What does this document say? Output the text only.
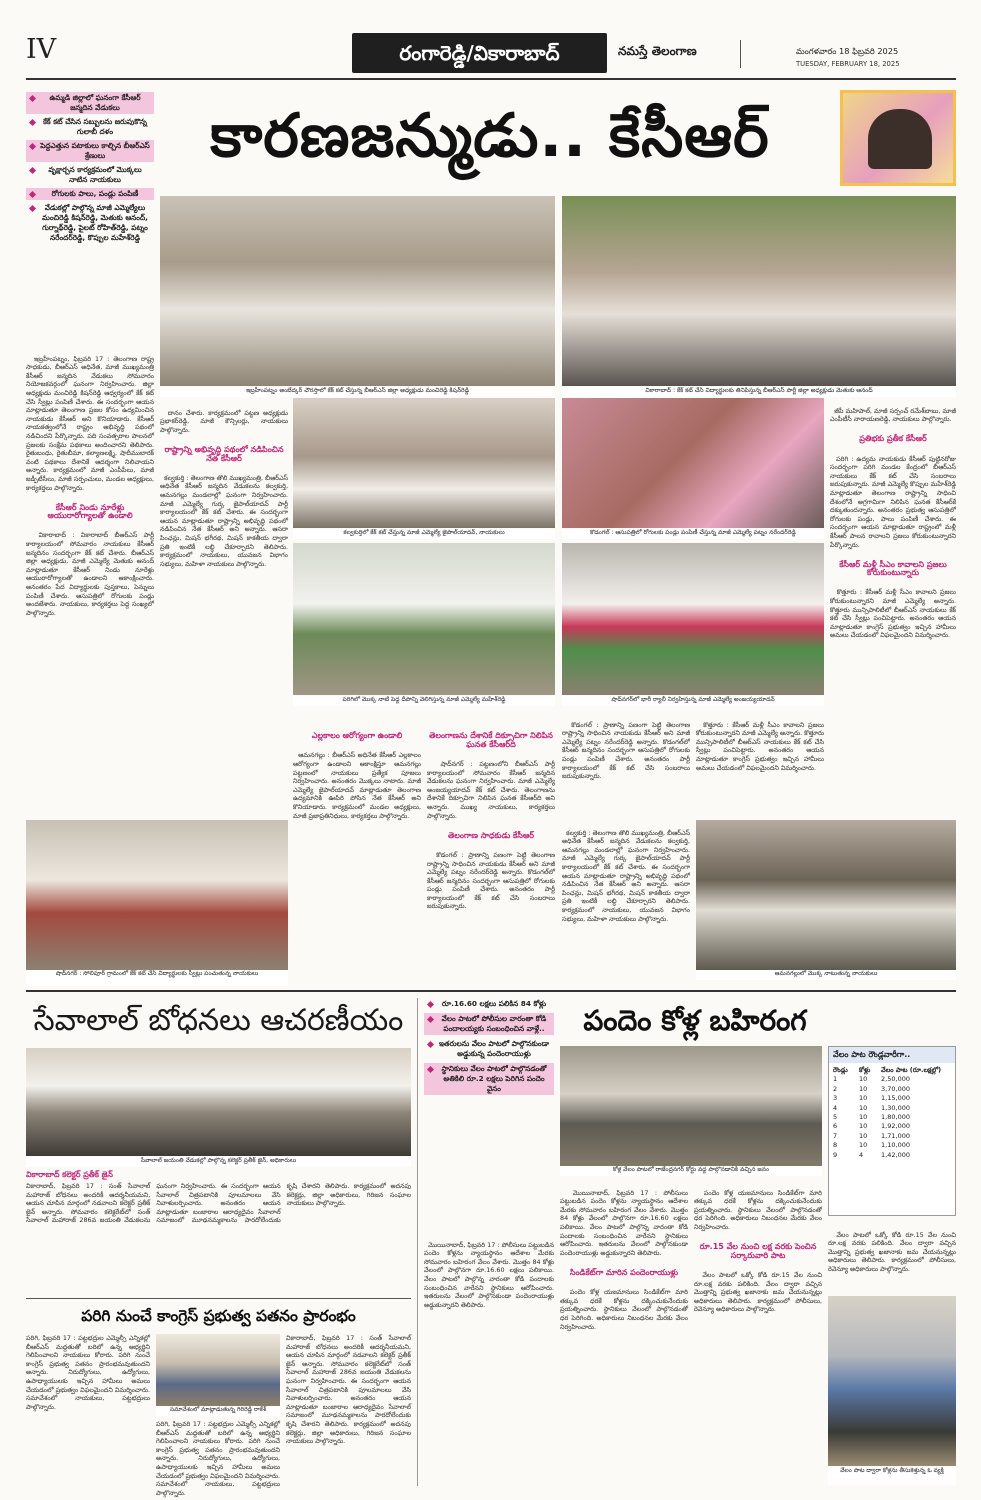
IV	రంగారెడ్డి/వికారాబాద్	నమస్తే తెలంగాణ	మంగళవారం 18 ఫిబ్రవరి 2025
TUESDAY, FEBRUARY 18, 2025
కారణజన్ముడు.. కేసీఆర్
ఉమ్మడి జిల్లాలో ఘనంగా కేసీఆర్ జన్మదిన వేడుకలు
కేక్ కట్ చేసిన సబ్బులను జరుపుకొన్న గులాబీ దళం
పెద్దఎత్తున పటాకులు కాల్చిన బీఆర్ఎస్ శ్రేణులు
వృక్షార్చన కార్యక్రమంలో మొక్కలు నాటిన నాయకులు
రోగులకు పాలు, పండ్లు పంపిణీ
వేడుకల్లో పాల్గొన్న మాజీ ఎమ్మెల్యేలు మంచిరెడ్డి కిషన్‌రెడ్డి, మెతుకు ఆనంద్, గుర్నాథ్‌రెడ్డి, పైలట్ రోహిత్‌రెడ్డి, పట్నం నరేందర్‌రెడ్డి, కొప్పుల మహేశ్‌రెడ్డి

ఇబ్రహీంపట్నం, ఫిబ్రవరి 17 : తెలంగాణ రాష్ట్ర సాధకుడు, బీఆర్ఎస్ అధినేత, మాజీ ముఖ్యమంత్రి కేసీఆర్ జన్మదిన వేడుకలు సోమవారం నియోజకవర్గంలో ఘనంగా నిర్వహించారు. జిల్లా అధ్యక్షుడు మంచిరెడ్డి కిషన్‌రెడ్డి ఆధ్వర్యంలో కేక్ కట్ చేసి స్వీట్లు పంపిణీ చేశారు. ఈ సందర్భంగా ఆయన మాట్లాడుతూ తెలంగాణ ప్రజల కోసం ఉద్యమించిన నాయకుడు కేసీఆర్ అని కొనియాడారు. కేసీఆర్ నాయకత్వంలోనే రాష్ట్రం అభివృద్ధి పథంలో నడిచిందని పేర్కొన్నారు. పది సంవత్సరాల పాలనలో ప్రజలకు సంక్షేమ పథకాలు అందించారని తెలిపారు. రైతుబంధు, రైతుబీమా, కల్యాణలక్ష్మి, షాదీముబారక్ వంటి పథకాలు దేశానికే ఆదర్శంగా నిలిచాయని అన్నారు. కార్యక్రమంలో మాజీ ఎంపీపీలు, మాజీ జడ్పీటీసీలు, మాజీ సర్పంచులు, మండల అధ్యక్షులు, కార్యకర్తలు పాల్గొన్నారు.

కేసీఆర్ నిండు నూరేళ్లు ఆయురారోగ్యాలతో ఉండాలి

వికారాబాద్ : వికారాబాద్ బీఆర్ఎస్ పార్టీ కార్యాలయంలో సోమవారం నాయకులు కేసీఆర్ జన్మదినం సందర్భంగా కేక్ కట్ చేశారు. బీఆర్ఎస్ జిల్లా అధ్యక్షుడు, మాజీ ఎమ్మెల్యే మెతుకు ఆనంద్ మాట్లాడుతూ కేసీఆర్ నిండు నూరేళ్లు ఆయురారోగ్యాలతో ఉండాలని ఆకాంక్షించారు. అనంతరం పేద విద్యార్థులకు పుస్తకాలు, పెన్నులు పంపిణీ చేశారు. ఆసుపత్రిలో రోగులకు పండ్లు అందజేశారు. నాయకులు, కార్యకర్తలు పెద్ద సంఖ్యలో పాల్గొన్నారు.

ఇబ్రహీంపట్నం అంబేద్కర్ చౌరస్తాలో కేక్ కట్ చేస్తున్న బీఆర్ఎస్ జిల్లా అధ్యక్షుడు మంచిరెడ్డి కిషన్‌రెడ్డి	వికారాబాద్ : కేక్ కట్ చేసి విద్యార్థులకు తినిపిస్తున్న బీఆర్ఎస్ పార్టీ జిల్లా అధ్యక్షుడు మెతుకు ఆనంద్

దానం చేశారు. కార్యక్రమంలో పట్టణ అధ్యక్షుడు ప్రభాకర్‌రెడ్డి, మాజీ కౌన్సిలర్లు, నాయకులు పాల్గొన్నారు.

రాష్ట్రాన్ని అభివృద్ధి పథంలో నడిపించిన నేత కేసీఆర్

కల్వకుర్తి : తెలంగాణ తొలి ముఖ్యమంత్రి, బీఆర్ఎస్ అధినేత కేసీఆర్ జన్మదిన వేడుకలను కల్వకుర్తి, ఆమనగల్లు మండలాల్లో ఘనంగా నిర్వహించారు. మాజీ ఎమ్మెల్యే గుర్క జైపాల్‌యాదవ్ పార్టీ కార్యాలయంలో కేక్ కట్ చేశారు. ఈ సందర్భంగా ఆయన మాట్లాడుతూ రాష్ట్రాన్ని అభివృద్ధి పథంలో నడిపించిన నేత కేసీఆర్ అని అన్నారు. ఆసరా పింఛన్లు, మిషన్ భగీరథ, మిషన్ కాకతీయ ద్వారా ప్రతి ఇంటికీ లబ్ధి చేకూర్చారని తెలిపారు. కార్యక్రమంలో నాయకులు, యువజన విభాగం సభ్యులు, మహిళా నాయకులు పాల్గొన్నారు.

కల్వకుర్తిలో కేక్ కట్ చేస్తున్న మాజీ ఎమ్మెల్యే జైపాల్‌యాదవ్, నాయకులు	కొడంగల్ : ఆసుపత్రిలో రోగులకు పండ్లు పంపిణీ చేస్తున్న మాజీ ఎమ్మెల్యే పట్నం నరేందర్‌రెడ్డి

జీపీ మహిపాల్, మాజీ సర్పంచ్ రమేశ్‌బాబు, మాజీ ఎంపీటీసీ నారాయణరెడ్డి, నాయకులు పాల్గొన్నారు.

ప్రతిభకు ప్రతీక కేసీఆర్

పరిగి : ఉద్యమ నాయకుడు కేసీఆర్ పుట్టినరోజు సందర్భంగా పరిగి మండల కేంద్రంలో బీఆర్ఎస్ నాయకులు కేక్ కట్ చేసి సంబరాలు జరుపుకున్నారు. మాజీ ఎమ్మెల్యే కొప్పుల మహేశ్‌రెడ్డి మాట్లాడుతూ తెలంగాణ రాష్ట్రాన్ని సాధించి దేశంలోనే అగ్రగామిగా నిలిపిన ఘనత కేసీఆర్‌కే దక్కుతుందన్నారు. అనంతరం ప్రభుత్వ ఆసుపత్రిలో రోగులకు పండ్లు, పాలు పంపిణీ చేశారు. ఈ సందర్భంగా ఆయన మాట్లాడుతూ రాష్ట్రంలో మళ్లీ కేసీఆర్ పాలన రావాలని ప్రజలు కోరుకుంటున్నారని పేర్కొన్నారు.

కేసీఆర్ మళ్లీ సీఎం కావాలని ప్రజలు కోరుకుంటున్నారు

కొత్తూరు : కేసీఆర్ మళ్లీ సీఎం కావాలని ప్రజలు కోరుకుంటున్నారని మాజీ ఎమ్మెల్యే అన్నారు. కొత్తూరు మున్సిపాలిటీలో బీఆర్ఎస్ నాయకులు కేక్ కట్ చేసి స్వీట్లు పంచిపెట్టారు. అనంతరం ఆయన మాట్లాడుతూ కాంగ్రెస్ ప్రభుత్వం ఇచ్చిన హామీలు అమలు చేయడంలో విఫలమైందని విమర్శించారు.

పరిగిలో మొక్క నాటి పెద్ద దీపాన్ని వెలిగిస్తున్న మాజీ ఎమ్మెల్యే మహేశ్‌రెడ్డి	షాద్‌నగర్‌లో భారీ ర్యాలీ నిర్వహిస్తున్న మాజీ ఎమ్మెల్యే అంజయ్యయాదవ్

ఎల్లకాలం ఆరోగ్యంగా ఉండాలి

ఆమనగల్లు : బీఆర్ఎస్ అధినేత కేసీఆర్ ఎల్లకాలం ఆరోగ్యంగా ఉండాలని ఆకాంక్షిస్తూ ఆమనగల్లు పట్టణంలో నాయకులు ప్రత్యేక పూజలు నిర్వహించారు. అనంతరం మొక్కలు నాటారు. మాజీ ఎమ్మెల్యే జైపాల్‌యాదవ్ మాట్లాడుతూ తెలంగాణ ఉద్యమానికి ఊపిరి పోసిన నేత కేసీఆర్ అని కొనియాడారు. కార్యక్రమంలో మండల అధ్యక్షులు, మాజీ ప్రజాప్రతినిధులు, కార్యకర్తలు పాల్గొన్నారు.

తెలంగాణను దేశానికే దిక్సూచిగా నిలిపిన ఘనత కేసీఆర్‌ది

షాద్‌నగర్ : పట్టణంలోని బీఆర్ఎస్ పార్టీ కార్యాలయంలో సోమవారం కేసీఆర్ జన్మదిన వేడుకలను ఘనంగా నిర్వహించారు. మాజీ ఎమ్మెల్యే అంజయ్యయాదవ్ కేక్ కట్ చేశారు. తెలంగాణను దేశానికే దిక్సూచిగా నిలిపిన ఘనత కేసీఆర్‌ది అని అన్నారు. ముఖ్య నాయకులు, కార్యకర్తలు పాల్గొన్నారు.

తెలంగాణ సాధకుడు కేసీఆర్

కొడంగల్ : ప్రాణాన్ని పణంగా పెట్టి తెలంగాణ రాష్ట్రాన్ని సాధించిన నాయకుడు కేసీఆర్ అని మాజీ ఎమ్మెల్యే పట్నం నరేందర్‌రెడ్డి అన్నారు. కొడంగల్‌లో కేసీఆర్ జన్మదినం సందర్భంగా ఆసుపత్రిలో రోగులకు పండ్లు పంపిణీ చేశారు. అనంతరం పార్టీ కార్యాలయంలో కేక్ కట్ చేసి సంబరాలు జరుపుకున్నారు.

కొడంగల్ : ప్రాణాన్ని పణంగా పెట్టి తెలంగాణ రాష్ట్రాన్ని సాధించిన నాయకుడు కేసీఆర్ అని మాజీ ఎమ్మెల్యే పట్నం నరేందర్‌రెడ్డి అన్నారు. కొడంగల్‌లో కేసీఆర్ జన్మదినం సందర్భంగా ఆసుపత్రిలో రోగులకు పండ్లు పంపిణీ చేశారు. అనంతరం పార్టీ కార్యాలయంలో కేక్ కట్ చేసి సంబరాలు జరుపుకున్నారు.

కొత్తూరు : కేసీఆర్ మళ్లీ సీఎం కావాలని ప్రజలు కోరుకుంటున్నారని మాజీ ఎమ్మెల్యే అన్నారు. కొత్తూరు మున్సిపాలిటీలో బీఆర్ఎస్ నాయకులు కేక్ కట్ చేసి స్వీట్లు పంచిపెట్టారు. అనంతరం ఆయన మాట్లాడుతూ కాంగ్రెస్ ప్రభుత్వం ఇచ్చిన హామీలు అమలు చేయడంలో విఫలమైందని విమర్శించారు.

షాద్‌నగర్ : సోలిపూర్ గ్రామంలో కేక్ కట్ చేసి విద్యార్థులకు స్వీట్లు పంచుతున్న నాయకులు	ఆమనగల్లులో మొక్క నాటుతున్న నాయకులు

కల్వకుర్తి : తెలంగాణ తొలి ముఖ్యమంత్రి, బీఆర్ఎస్ అధినేత కేసీఆర్ జన్మదిన వేడుకలను కల్వకుర్తి, ఆమనగల్లు మండలాల్లో ఘనంగా నిర్వహించారు. మాజీ ఎమ్మెల్యే గుర్క జైపాల్‌యాదవ్ పార్టీ కార్యాలయంలో కేక్ కట్ చేశారు. ఈ సందర్భంగా ఆయన మాట్లాడుతూ రాష్ట్రాన్ని అభివృద్ధి పథంలో నడిపించిన నేత కేసీఆర్ అని అన్నారు. ఆసరా పింఛన్లు, మిషన్ భగీరథ, మిషన్ కాకతీయ ద్వారా ప్రతి ఇంటికీ లబ్ధి చేకూర్చారని తెలిపారు. కార్యక్రమంలో నాయకులు, యువజన విభాగం సభ్యులు, మహిళా నాయకులు పాల్గొన్నారు.

సేవాలాల్ బోధనలు ఆచరణీయం
సేవాలాల్ జయంతి వేడుకల్లో పాల్గొన్న కలెక్టర్ ప్రతీక్ జైన్, అధికారులు
వికారాబాద్ కలెక్టర్ ప్రతీక్ జైన్
వికారాబాద్, ఫిబ్రవరి 17 : సంత్ సేవాలాల్ మహారాజ్ బోధనలు అందరికీ ఆదర్శనీయమని, ఆయన చూపిన మార్గంలో నడవాలని కలెక్టర్ ప్రతీక్ జైన్ అన్నారు. సోమవారం కలెక్టరేట్‌లో సంత్ సేవాలాల్ మహారాజ్ 286వ జయంతి వేడుకలను ఘనంగా నిర్వహించారు. ఈ సందర్భంగా ఆయన సేవాలాల్ చిత్రపటానికి పూలమాలలు వేసి నివాళులర్పించారు. అనంతరం ఆయన మాట్లాడుతూ బంజారాల ఆరాధ్యదైవం సేవాలాల్ సమాజంలో మూఢనమ్మకాలను పారదోలేందుకు కృషి చేశారని తెలిపారు. కార్యక్రమంలో అదనపు కలెక్టర్లు, జిల్లా అధికారులు, గిరిజన సంఘాల నాయకులు పాల్గొన్నారు.
పరిగి నుంచే కాంగ్రెస్ ప్రభుత్వ పతనం ప్రారంభం
పరిగి, ఫిబ్రవరి 17 : పట్టభద్రుల ఎమ్మెల్సీ ఎన్నికల్లో బీఆర్ఎస్ మద్దతుతో బరిలో ఉన్న అభ్యర్థిని గెలిపించాలని నాయకులు కోరారు. పరిగి నుంచే కాంగ్రెస్ ప్రభుత్వ పతనం ప్రారంభమవుతుందని అన్నారు. నిరుద్యోగులు, ఉద్యోగులు, ఉపాధ్యాయులకు ఇచ్చిన హామీలు అమలు చేయడంలో ప్రభుత్వం విఫలమైందని విమర్శించారు. సమావేశంలో నాయకులు, పట్టభద్రులు పాల్గొన్నారు.	సమావేశంలో మాట్లాడుతున్న గిరిరెడ్డి రాకేశ్
పరిగి, ఫిబ్రవరి 17 : పట్టభద్రుల ఎమ్మెల్సీ ఎన్నికల్లో బీఆర్ఎస్ మద్దతుతో బరిలో ఉన్న అభ్యర్థిని గెలిపించాలని నాయకులు కోరారు. పరిగి నుంచే కాంగ్రెస్ ప్రభుత్వ పతనం ప్రారంభమవుతుందని అన్నారు. నిరుద్యోగులు, ఉద్యోగులు, ఉపాధ్యాయులకు ఇచ్చిన హామీలు అమలు చేయడంలో ప్రభుత్వం విఫలమైందని విమర్శించారు. సమావేశంలో నాయకులు, పట్టభద్రులు పాల్గొన్నారు.
వికారాబాద్, ఫిబ్రవరి 17 : సంత్ సేవాలాల్ మహారాజ్ బోధనలు అందరికీ ఆదర్శనీయమని, ఆయన చూపిన మార్గంలో నడవాలని కలెక్టర్ ప్రతీక్ జైన్ అన్నారు. సోమవారం కలెక్టరేట్‌లో సంత్ సేవాలాల్ మహారాజ్ 286వ జయంతి వేడుకలను ఘనంగా నిర్వహించారు. ఈ సందర్భంగా ఆయన సేవాలాల్ చిత్రపటానికి పూలమాలలు వేసి నివాళులర్పించారు. అనంతరం ఆయన మాట్లాడుతూ బంజారాల ఆరాధ్యదైవం సేవాలాల్ సమాజంలో మూఢనమ్మకాలను పారదోలేందుకు కృషి చేశారని తెలిపారు. కార్యక్రమంలో అదనపు కలెక్టర్లు, జిల్లా అధికారులు, గిరిజన సంఘాల నాయకులు పాల్గొన్నారు.
రూ.16.60 లక్షలు పలికిన 84 కోళ్లు
వేలం పాటలో పోలీసుల వారంతా కోడి పందాలయ్యకు సంబంధించిన వాళ్లే..
ఇతరులను వేలం పాటలో పాల్గొనకుండా అడ్డుకున్న పందెంరాయుళ్లు
స్థానికులు వేలం పాటలో పాల్గొనడంతో అతికిలి రూ.2 లక్షలు పెరిగిన పందెం వైనం

మొయినాబాద్, ఫిబ్రవరి 17 : పోలీసులు పట్టుబడిన పందెం కోళ్లను న్యాయస్థానం ఆదేశాల మేరకు సోమవారం బహిరంగ వేలం వేశారు. మొత్తం 84 కోళ్లు వేలంలో పాల్గొనగా రూ.16.60 లక్షలు పలికాయి. వేలం పాటలో పాల్గొన్న వారంతా కోడి పందాలకు సంబంధించిన వారేనని స్థానికులు ఆరోపించారు. ఇతరులను వేలంలో పాల్గొనకుండా పందెంరాయుళ్లు అడ్డుకున్నారని తెలిపారు.

పందెం కోళ్ల బహిరంగ
కోళ్ల వేలం పాటలో రాజేంద్రనగర్ కోర్టు వద్ద పాల్గొనడానికి వచ్చిన జనం

మొయినాబాద్, ఫిబ్రవరి 17 : పోలీసులు పట్టుబడిన పందెం కోళ్లను న్యాయస్థానం ఆదేశాల మేరకు సోమవారం బహిరంగ వేలం వేశారు. మొత్తం 84 కోళ్లు వేలంలో పాల్గొనగా రూ.16.60 లక్షలు పలికాయి. వేలం పాటలో పాల్గొన్న వారంతా కోడి పందాలకు సంబంధించిన వారేనని స్థానికులు ఆరోపించారు. ఇతరులను వేలంలో పాల్గొనకుండా పందెంరాయుళ్లు అడ్డుకున్నారని తెలిపారు.

సిండికేట్‌గా మారిన పందెంరాయుళ్లు

పందెం కోళ్ల యజమానులు సిండికేట్‌గా మారి తక్కువ ధరకే కోళ్లను దక్కించుకునేందుకు ప్రయత్నించారు. స్థానికులు వేలంలో పాల్గొనడంతో ధర పెరిగింది. అధికారులు నిబంధనల మేరకు వేలం నిర్వహించారు.

పందెం కోళ్ల యజమానులు సిండికేట్‌గా మారి తక్కువ ధరకే కోళ్లను దక్కించుకునేందుకు ప్రయత్నించారు. స్థానికులు వేలంలో పాల్గొనడంతో ధర పెరిగింది. అధికారులు నిబంధనల మేరకు వేలం నిర్వహించారు.

రూ.15 వేల నుంచి లక్ష వరకు పెంచిన సర్కారువారి పాట

వేలం పాటలో ఒక్కో కోడి రూ.15 వేల నుంచి రూ.లక్ష వరకు పలికింది. వేలం ద్వారా వచ్చిన మొత్తాన్ని ప్రభుత్వ ఖజానాకు జమ చేయనున్నట్లు అధికారులు తెలిపారు. కార్యక్రమంలో పోలీసులు, రెవెన్యూ అధికారులు పాల్గొన్నారు.

వేలం పాట రౌండ్లవారీగా..
రౌండ్లు	కోళ్లు	వేలం పాట (రూ.లక్షల్లో)
1	10	2,50,000
2	10	3,70,000
3	10	1,15,000
4	10	1,30,000
5	10	1,80,000
6	10	1,92,000
7	10	1,71,000
8	10	1,10,000
9	4	1,42,000

వేలం పాటలో ఒక్కో కోడి రూ.15 వేల నుంచి రూ.లక్ష వరకు పలికింది. వేలం ద్వారా వచ్చిన మొత్తాన్ని ప్రభుత్వ ఖజానాకు జమ చేయనున్నట్లు అధికారులు తెలిపారు. కార్యక్రమంలో పోలీసులు, రెవెన్యూ అధికారులు పాల్గొన్నారు.

వేలం పాట ద్వారా కోళ్లను తీసుకెళ్తున్న ఓ వ్యక్తి
